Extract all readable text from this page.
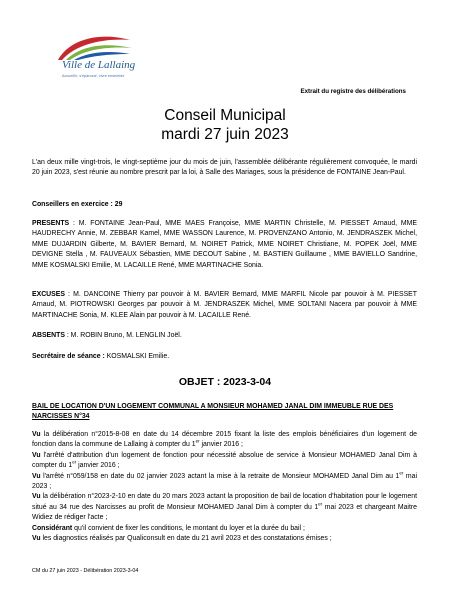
Ville de Lallaing
Accueillir, s'épanouir, vivre ensemble
Extrait du registre des délibérations
Conseil Municipal
mardi 27 juin 2023

L'an deux mille vingt-trois, le vingt-septième jour du mois de juin, l'assemblée délibérante régulièrement convoquée, le mardi 20 juin 2023, s'est réunie au nombre prescrit par la loi, à Salle des Mariages, sous la présidence de FONTAINE Jean-Paul.

Conseillers en exercice : 29

PRESENTS : M. FONTAINE Jean-Paul, MME MAES Françoise, MME MARTIN Christelle, M. PIESSET Arnaud, MME HAUDRECHY Annie, M. ZEBBAR Kamel, MME WASSON Laurence, M. PROVENZANO Antonio, M. JENDRASZEK Michel, MME DUJARDIN Gilberte, M. BAVIER Bernard, M. NOIRET Patrick, MME NOIRET Christiane, M. POPEK Joël, MME DEVIGNE Stella , M. FAUVEAUX Sébastien, MME DECOUT Sabine , M. BASTIEN Guillaume , MME BAVIELLO Sandrine, MME KOSMALSKI Emilie, M. LACAILLE René, MME MARTINACHE Sonia.

EXCUSES : M. DANCOINE Thierry par pouvoir à M. BAVIER Bernard, MME MARFIL Nicole par pouvoir à M. PIESSET Arnaud, M. PIOTROWSKI Georges par pouvoir à M. JENDRASZEK Michel, MME SOLTANI Nacera par pouvoir à MME MARTINACHE Sonia, M. KLEE Alain par pouvoir à M. LACAILLE René.

ABSENTS : M. ROBIN Bruno, M. LENGLIN Joël.

Secrétaire de séance : KOSMALSKI Emilie.

OBJET : 2023-3-04
BAIL DE LOCATION D'UN LOGEMENT COMMUNAL A MONSIEUR MOHAMED JANAL DIM IMMEUBLE RUE DES NARCISSES N°34

Vu la délibération n°2015-8-08 en date du 14 décembre 2015 fixant la liste des emplois bénéficiaires d'un logement de fonction dans la commune de Lallaing à compter du 1er janvier 2016 ;

Vu l'arrêté d'attribution d'un logement de fonction pour nécessité absolue de service à Monsieur MOHAMED Janal Dim à compter du 1er janvier 2016 ;

Vu l'arrêté n°059/158 en date du 02 janvier 2023 actant la mise à la retraite de Monsieur MOHAMED Janal Dim au 1er mai 2023 ;

Vu la délibération n°2023-2-10 en date du 20 mars 2023 actant la proposition de bail de location d'habitation pour le logement situé au 34 rue des Narcisses au profit de Monsieur MOHAMED Janal Dim à compter du 1er mai 2023 et chargeant Maitre Widiez de rédiger l'acte ;

Considérant qu'il convient de fixer les conditions, le montant du loyer et la durée du bail ;

Vu les diagnostics réalisés par Qualiconsult en date du 21 avril 2023 et des constatations émises ;

CM du 27 juin 2023 - Délibération 2023-3-04
